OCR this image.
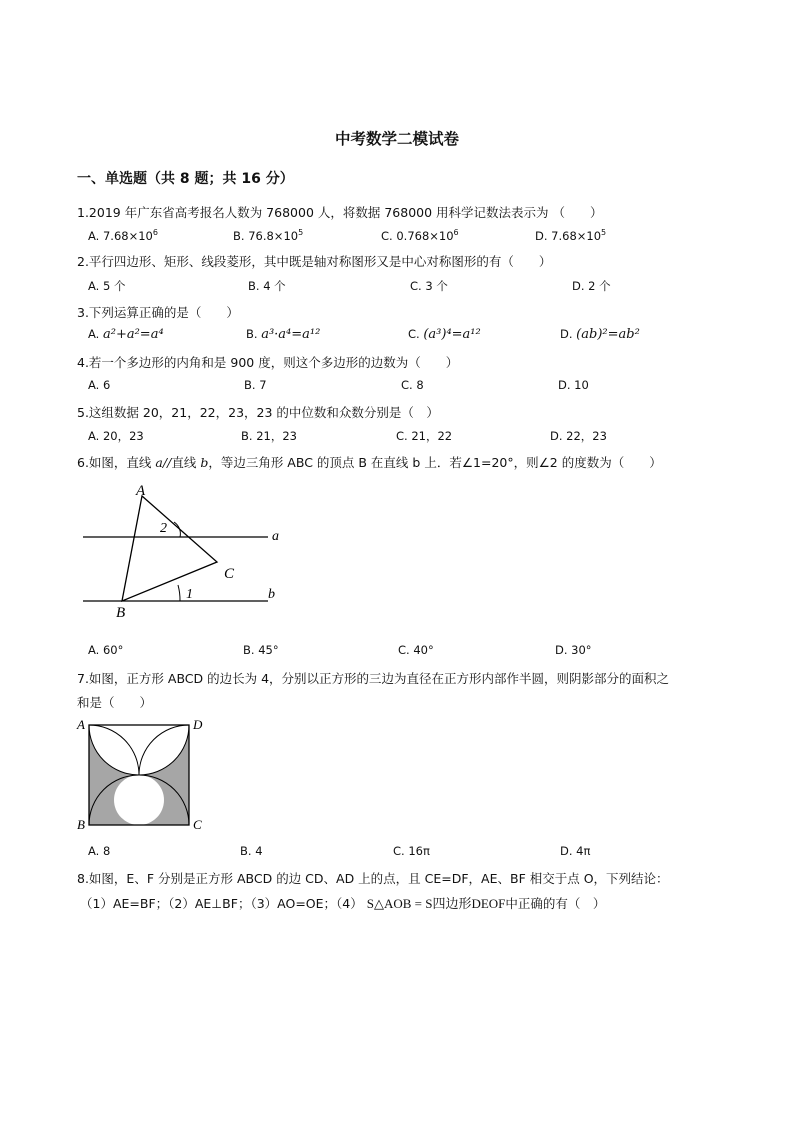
中考数学二模试卷
一、单选题（共 8 题；共 16 分）
1.2019 年广东省高考报名人数为 768000 人，将数据 768000 用科学记数法表示为 （　　）
A. $7.68\times 10^6$	B. $76.8\times 10^5$	C. $0.768\times 10^6$	D. $7.68\times 10^5$
2.平行四边形、矩形、线段菱形，其中既是轴对称图形又是中心对称图形的有（　　）
A. 5 个	B. 4 个	C. 3 个	D. 2 个
3.下列运算正确的是（　　）
A. a²+a²=a⁴	B. a³·a⁴=a¹²	C. (a³)⁴=a¹²	D. (ab)²=ab²
4.若一个多边形的内角和是 900 度，则这个多边形的边数为（　　）
A. 6	B. 7	C. 8	D. 10
5.这组数据 20，21，22，23，23 的中位数和众数分别是（　）
A. 20，23	B. 21，23	C. 21，22	D. 22，23
6.如图，直线 a//直线 b，等边三角形 ABC 的顶点 B 在直线 b 上．若∠1=20°，则∠2 的度数为（　　）
A
B
C
2
1
a
b
A. 60°	B. 45°	C. 40°	D. 30°
7.如图，正方形 ABCD 的边长为 4，分别以正方形的三边为直径在正方形内部作半圆，则阴影部分的面积之
和是（　　）
A	D
B	C
A. 8	B. 4	C. 16π	D. 4π
8.如图，E、F 分别是正方形 ABCD 的边 CD、AD 上的点，且 CE=DF，AE、BF 相交于点 O，下列结论：
（1）AE=BF；（2）AE⊥BF；（3）AO=OE；（4） S△AOB = S四边形DEOF中正确的有（　）
